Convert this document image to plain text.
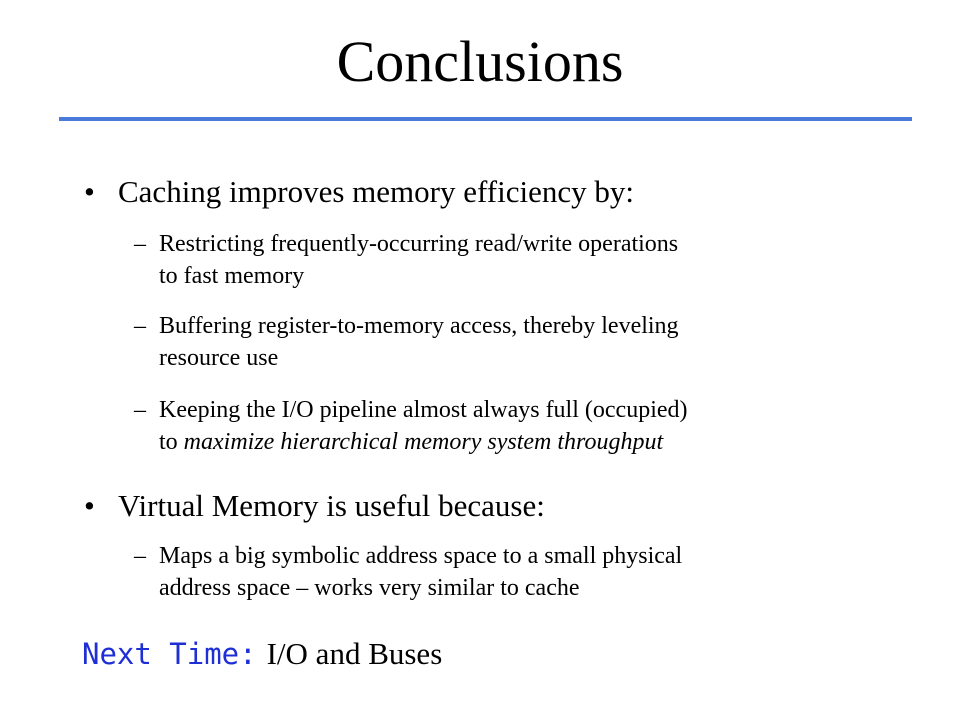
Conclusions
• Caching improves memory efficiency by:
– Restricting frequently-occurring read/write operations
to fast memory
– Buffering register-to-memory access, thereby leveling
resource use
– Keeping the I/O pipeline almost always full (occupied)
to maximize hierarchical memory system throughput
• Virtual Memory is useful because:
– Maps a big symbolic address space to a small physical
address space – works very similar to cache
Next Time: I/O and Buses
